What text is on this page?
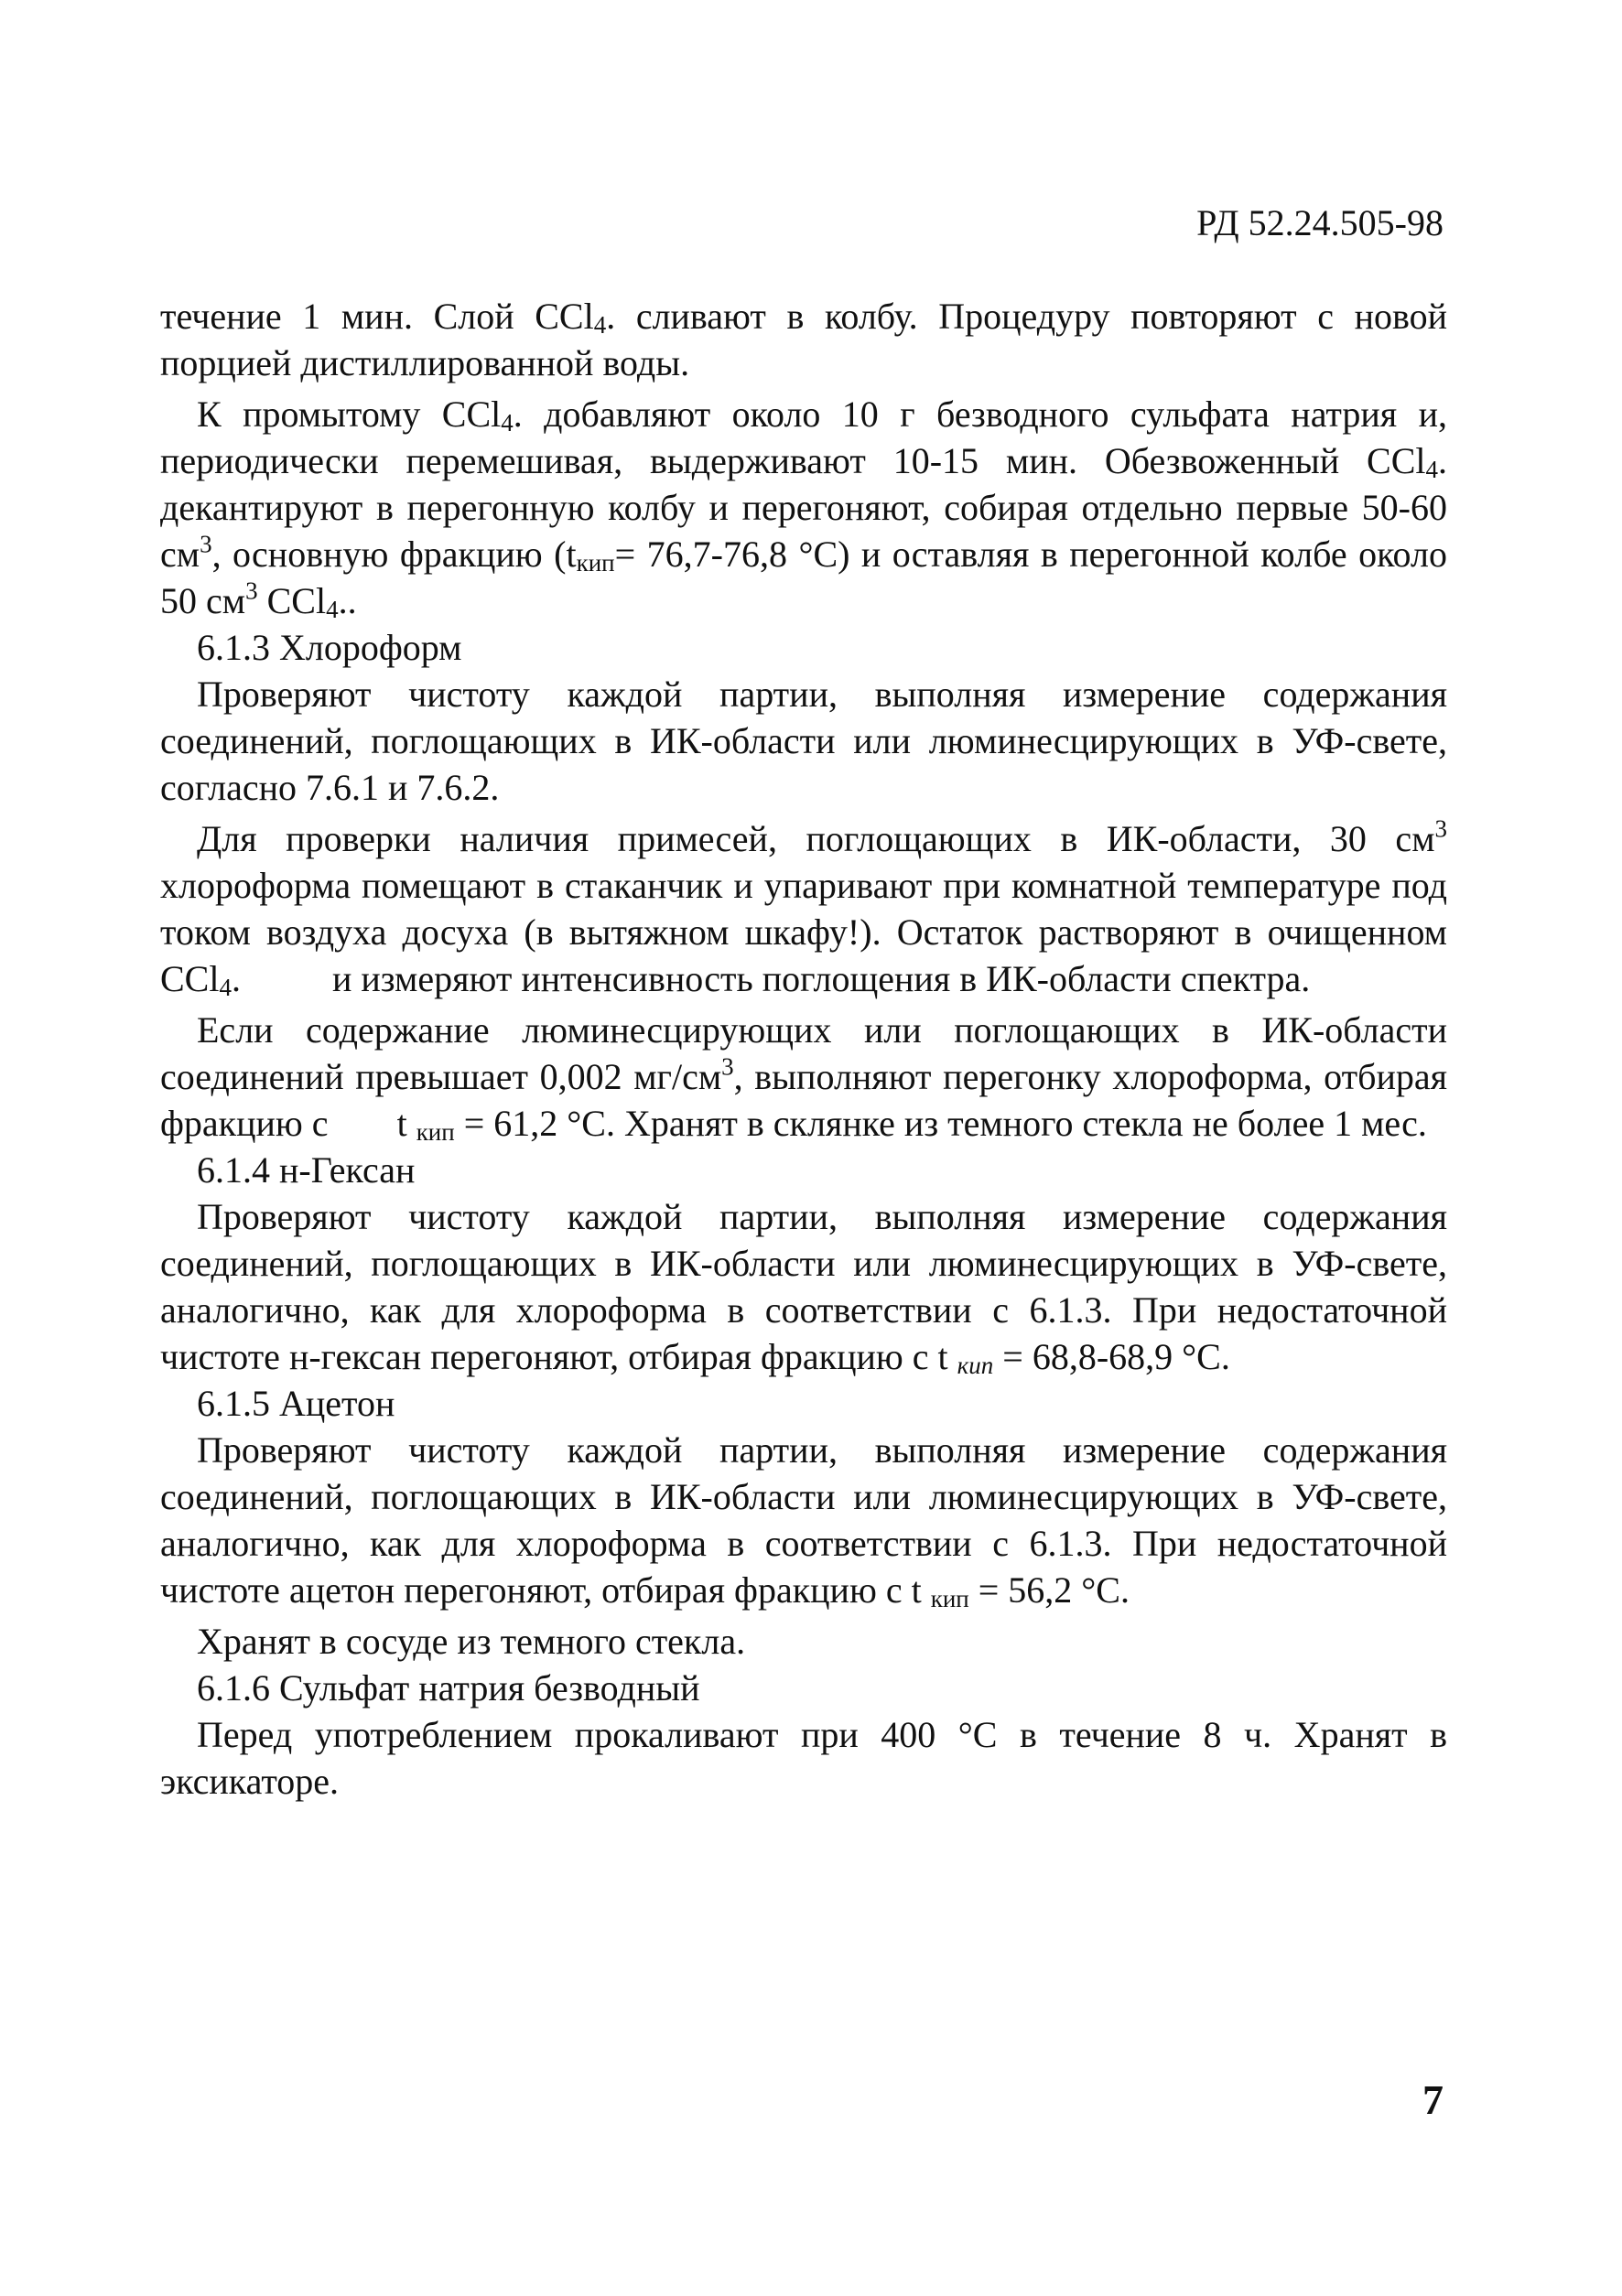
РД 52.24.505-98

течение 1 мин. Слой CCl4. сливают в колбу. Процедуру повторяют с новой порцией дистиллированной воды.

К промытому CCl4. добавляют около 10 г безводного сульфата натрия и, периодически перемешивая, выдерживают 10-15 мин. Обезвоженный CCl4. декантируют в перегонную колбу и перегоняют, собирая отдельно первые 50-60 $см^3$, основную фракцию (tкип= 76,7-76,8 °С) и оставляя в перегонной колбе около 50 $см^3$ CCl4..

6.1.3 Хлороформ

Проверяют чистоту каждой партии, выполняя измерение содержания соединений, поглощающих в ИК-области или люминесцирующих в УФ-свете, согласно 7.6.1 и 7.6.2.

Для проверки наличия примесей, поглощающих в ИК-области, 30 $см^3$ хлороформа помещают в стаканчик и упаривают при комнатной температуре под током воздуха досуха (в вытяжном шкафу!). Остаток растворяют в очищенном CCl4.	и измеряют интенсивность поглощения в ИК-области спектра.

Если содержание люминесцирующих или поглощающих в ИК-области соединений превышает 0,002 $мг/см^3$, выполняют перегонку хлороформа, отбирая фракцию с t кип = 61,2 °С. Хранят в склянке из темного стекла не более 1 мес.

6.1.4 н-Гексан

Проверяют чистоту каждой партии, выполняя измерение содержания соединений, поглощающих в ИК-области или люминесцирующих в УФ-свете, аналогично, как для хлороформа в соответствии с 6.1.3. При недостаточной чистоте н-гексан перегоняют, отбирая фракцию с t кип = 68,8-68,9 °С.

6.1.5 Ацетон

Проверяют чистоту каждой партии, выполняя измерение содержания соединений, поглощающих в ИК-области или люминесцирующих в УФ-свете, аналогично, как для хлороформа в соответствии с 6.1.3. При недостаточной чистоте ацетон перегоняют, отбирая фракцию с t кип = 56,2 °С.

Хранят в сосуде из темного стекла.

6.1.6 Сульфат натрия безводный

Перед употреблением прокаливают при 400 °С в течение 8 ч. Хранят в эксикаторе.

7
